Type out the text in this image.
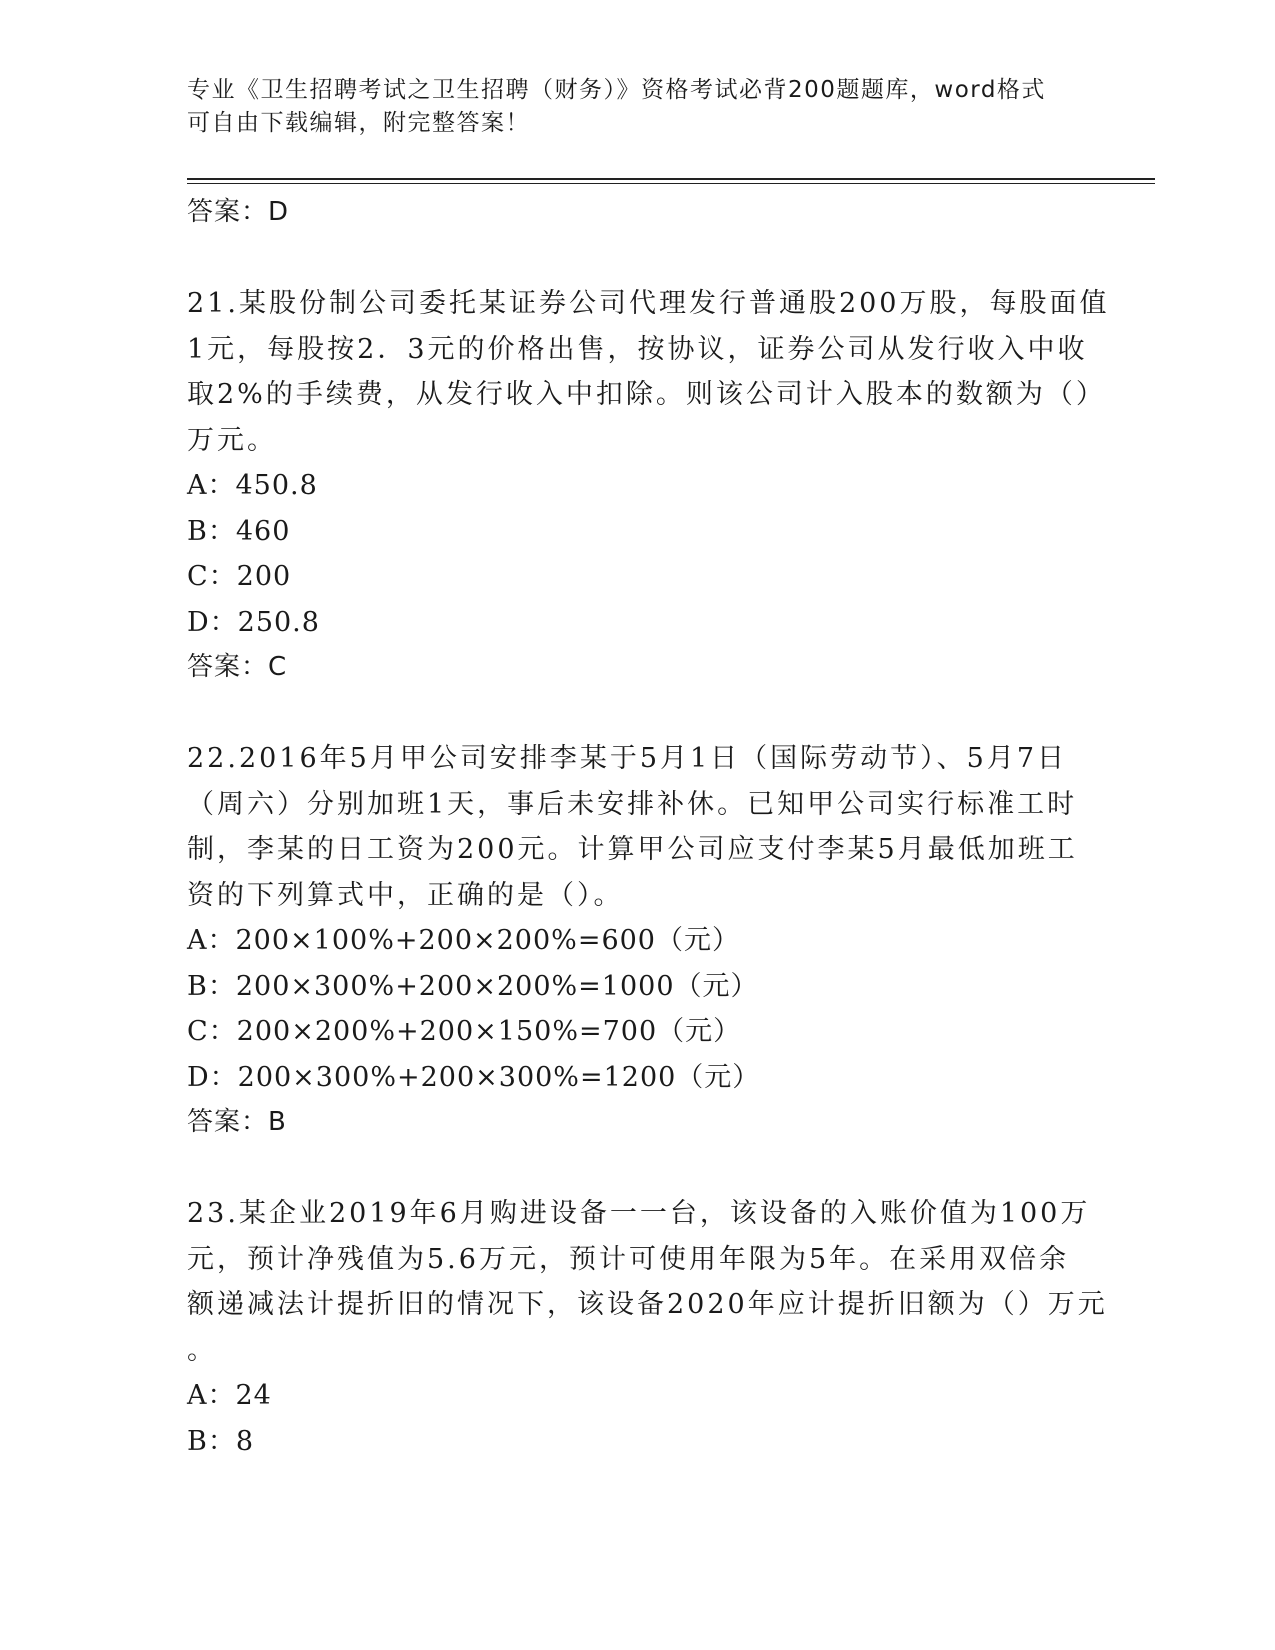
专业《卫生招聘考试之卫生招聘（财务）》资格考试必背200题题库，word格式
可自由下载编辑，附完整答案！
答案：D
21.某股份制公司委托某证券公司代理发行普通股200万股，每股面值
1元，每股按2．3元的价格出售，按协议，证券公司从发行收入中收
取2%的手续费，从发行收入中扣除。则该公司计入股本的数额为（）
万元。
A：450.8
B：460
C：200
D：250.8
答案：C
22.2016年5月甲公司安排李某于5月1日（国际劳动节）、5月7日
（周六）分别加班1天，事后未安排补休。已知甲公司实行标准工时
制，李某的日工资为200元。计算甲公司应支付李某5月最低加班工
资的下列算式中，正确的是（）。
A：200×100%+200×200%=600（元）
B：200×300%+200×200%=1000（元）
C：200×200%+200×150%=700（元）
D：200×300%+200×300%=1200（元）
答案：B
23.某企业2019年6月购进设备一一台，该设备的入账价值为100万
元，预计净残值为5.6万元，预计可使用年限为5年。在采用双倍余
额递减法计提折旧的情况下，该设备2020年应计提折旧额为（）万元
。
A：24
B：8
